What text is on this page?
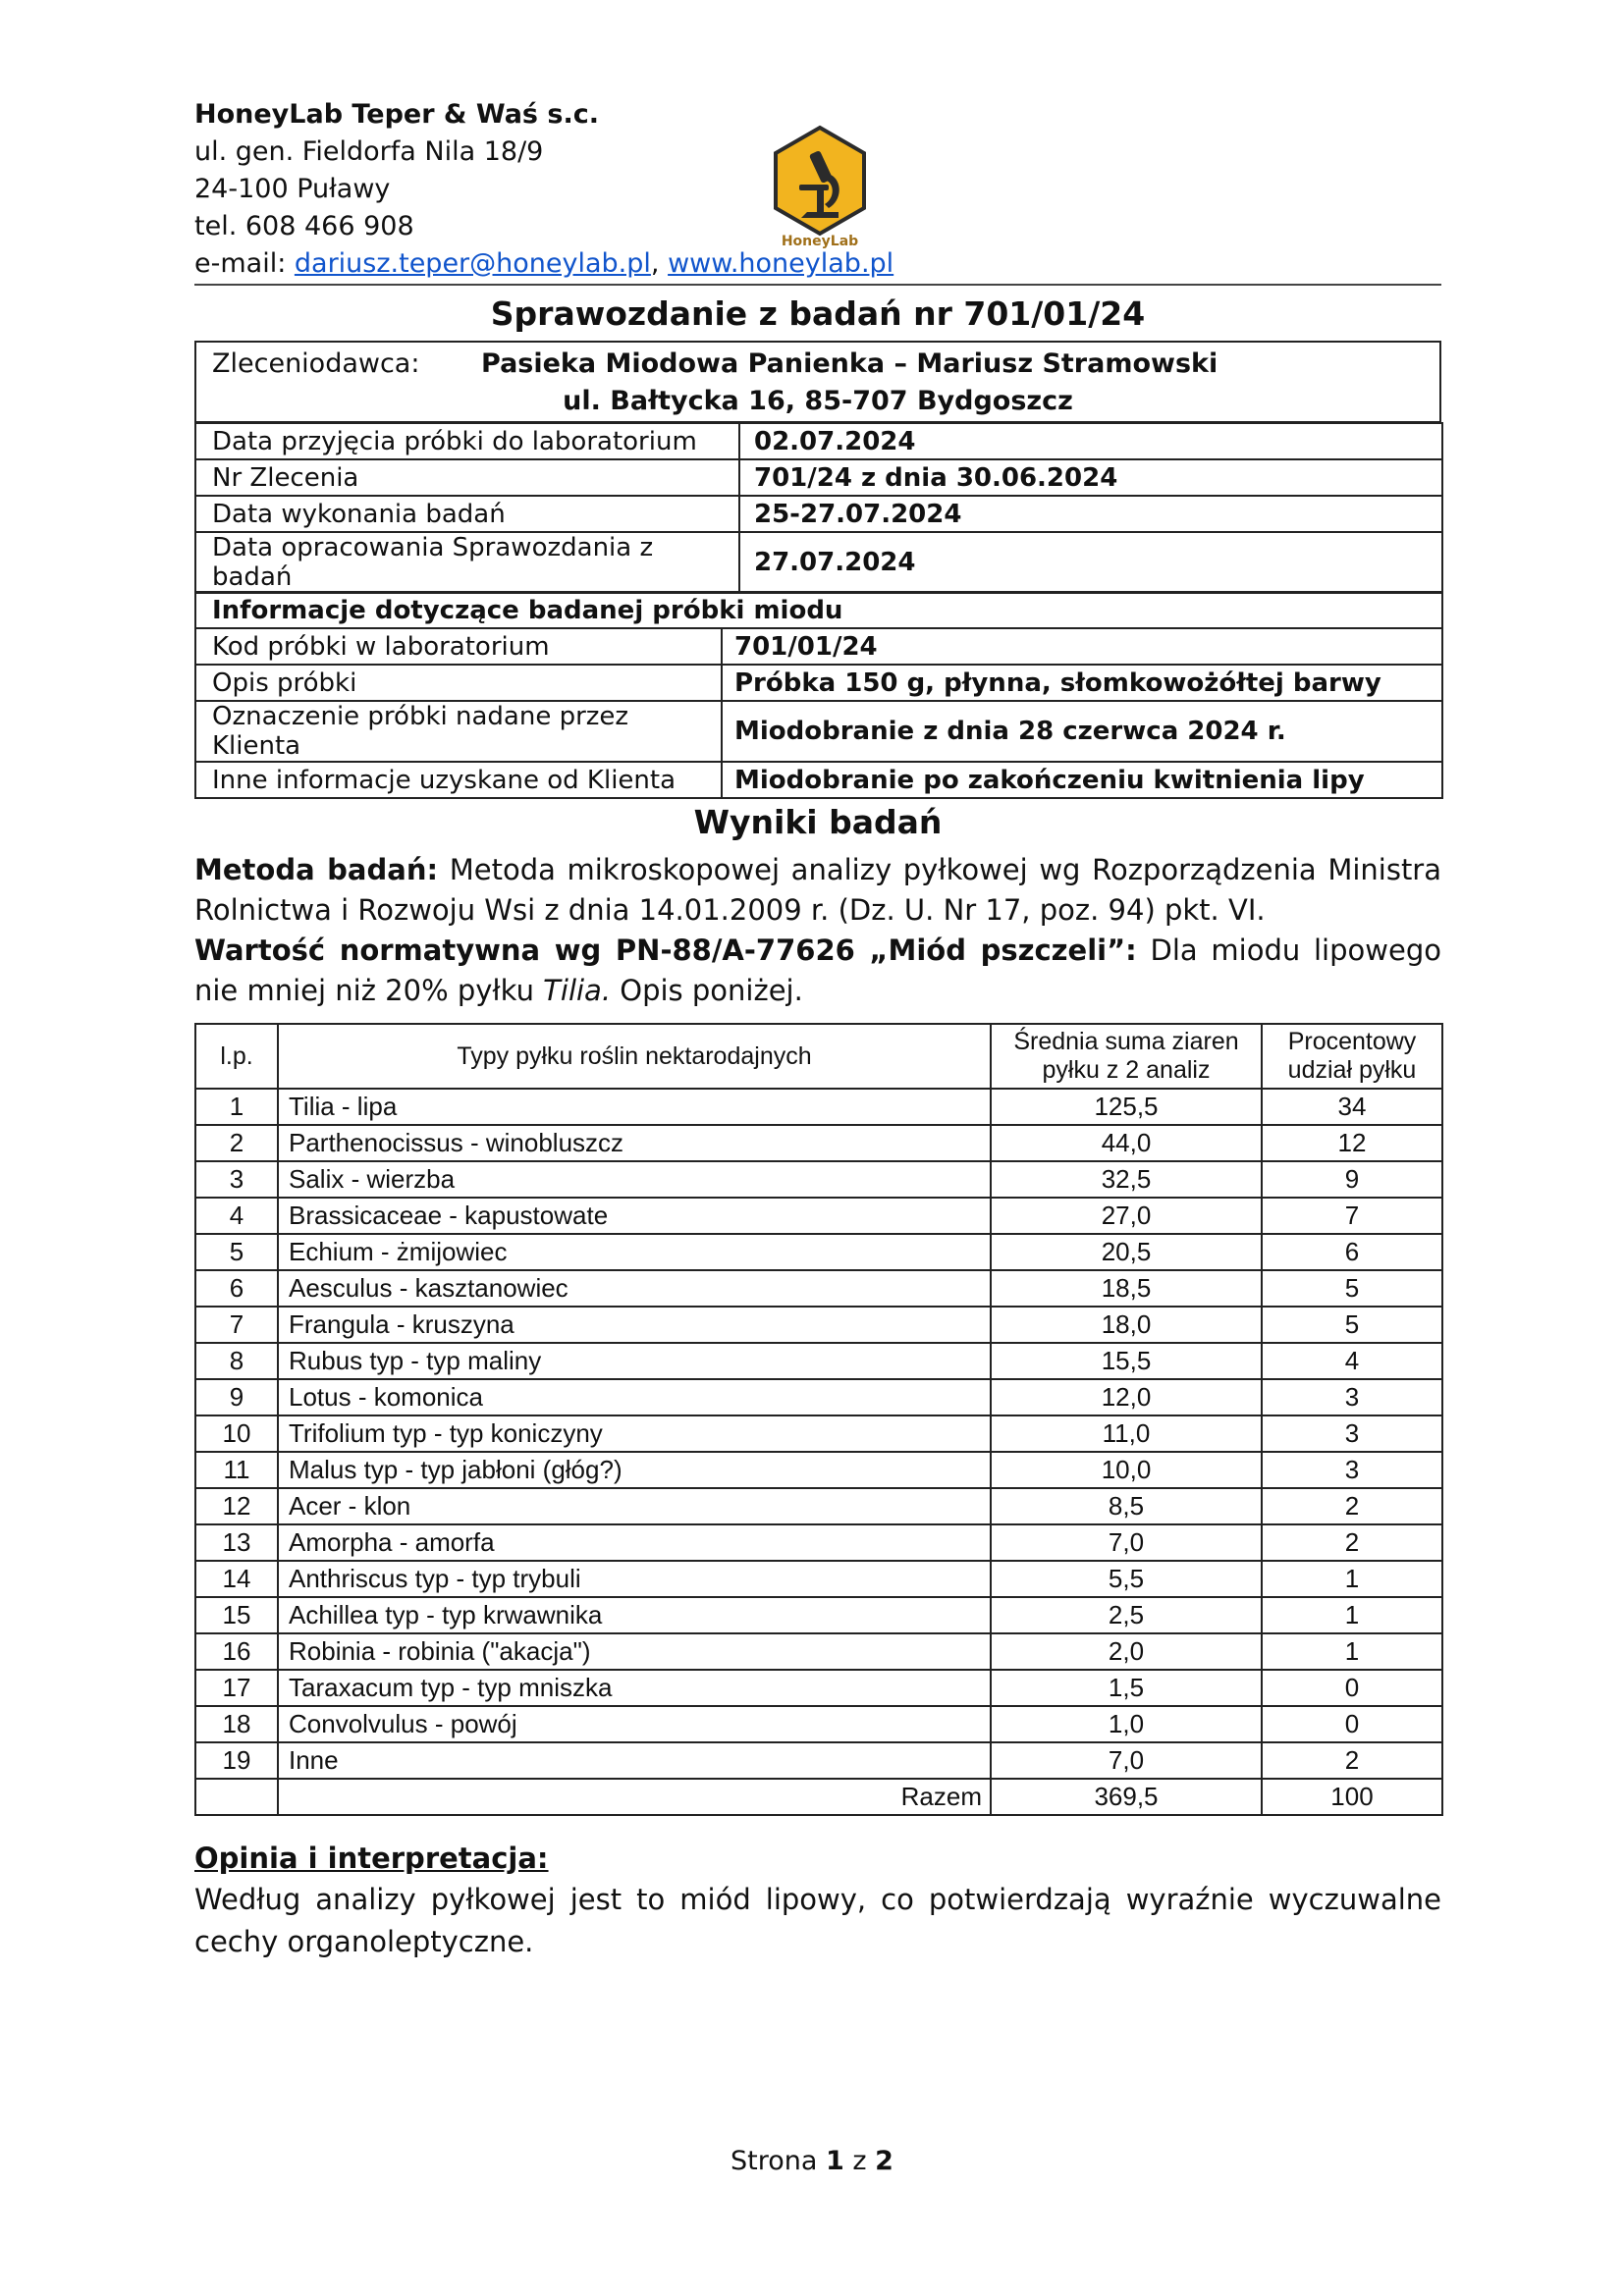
HoneyLab Teper & Waś s.c.
ul. gen. Fieldorfa Nila 18/9
24-100 Puławy
tel. 608 466 908
e-mail: dariusz.teper@honeylab.pl, www.honeylab.pl
HoneyLab
Sprawozdanie z badań nr 701/01/24
Zleceniodawca: Pasieka Miodowa Panienka – Mariusz Stramowski
ul. Bałtycka 16, 85-707 Bydgoszcz
Data przyjęcia próbki do laboratorium	02.07.2024
Nr Zlecenia	701/24 z dnia 30.06.2024
Data wykonania badań	25-27.07.2024
Data opracowania Sprawozdania z badań	27.07.2024
Informacje dotyczące badanej próbki miodu	
Kod próbki w laboratorium	701/01/24
Opis próbki	Próbka 150 g, płynna, słomkowożółtej barwy
Oznaczenie próbki nadane przez Klienta	Miodobranie z dnia 28 czerwca 2024 r.
Inne informacje uzyskane od Klienta	Miodobranie po zakończeniu kwitnienia lipy
Wyniki badań
Metoda badań: Metoda mikroskopowej analizy pyłkowej wg Rozporządzenia Ministra Rolnictwa i Rozwoju Wsi z dnia 14.01.2009 r. (Dz. U. Nr 17, poz. 94) pkt. VI.
Wartość normatywna wg PN-88/A-77626 „Miód pszczeli”: Dla miodu lipowego nie mniej niż 20% pyłku Tilia. Opis poniżej.
l.p.	Typy pyłku roślin nektarodajnych	Średnia suma ziaren pyłku z 2 analiz	Procentowy udział pyłku
1	Tilia - lipa	125,5	34
2	Parthenocissus - winobluszcz	44,0	12
3	Salix - wierzba	32,5	9
4	Brassicaceae - kapustowate	27,0	7
5	Echium - żmijowiec	20,5	6
6	Aesculus - kasztanowiec	18,5	5
7	Frangula - kruszyna	18,0	5
8	Rubus typ - typ maliny	15,5	4
9	Lotus - komonica	12,0	3
10	Trifolium typ - typ koniczyny	11,0	3
11	Malus typ - typ jabłoni (głóg?)	10,0	3
12	Acer - klon	8,5	2
13	Amorpha - amorfa	7,0	2
14	Anthriscus typ - typ trybuli	5,5	1
15	Achillea typ - typ krwawnika	2,5	1
16	Robinia - robinia ("akacja")	2,0	1
17	Taraxacum typ - typ mniszka	1,5	0
18	Convolvulus - powój	1,0	0
19	Inne	7,0	2
	Razem	369,5	100
Opinia i interpretacja:
Według analizy pyłkowej jest to miód lipowy, co potwierdzają wyraźnie wyczuwalne cechy organoleptyczne.
Strona 1 z 2
